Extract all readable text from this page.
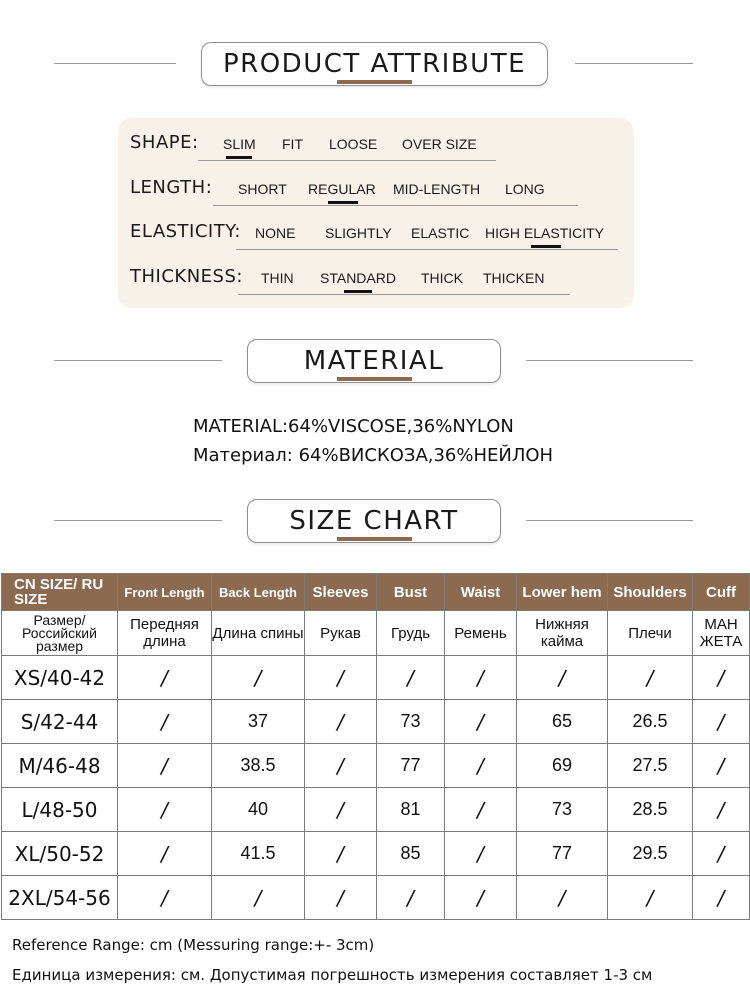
PRODUCT ATTRIBUTE
SHAPE: SLIM FIT LOOSE OVER SIZE
LENGTH: SHORT REGULAR MID-LENGTH LONG
ELASTICITY: NONE SLIGHTLY ELASTIC HIGH ELASTICITY
THICKNESS: THIN STANDARD THICK THICKEN
MATERIAL
MATERIAL:64%VISCOSE,36%NYLON
Материал: 64%ВИСКОЗА,36%НЕЙЛОН
SIZE CHART
CN SIZE/ RU SIZE	Front Length	Back Length	Sleeves	Bust	Waist	Lower hem	Shoulders	Cuff
Размер/ Российский размер	Передняя длина	Длина спины	Рукав	Грудь	Ремень	Нижняя кайма	Плечи	МАН ЖЕТА
XS/40-42	/	/	/	/	/	/	/	/
S/42-44	/	37	/	73	/	65	26.5	/
M/46-48	/	38.5	/	77	/	69	27.5	/
L/48-50	/	40	/	81	/	73	28.5	/
XL/50-52	/	41.5	/	85	/	77	29.5	/
2XL/54-56	/	/	/	/	/	/	/	/
Reference Range: cm (Messuring range:+- 3cm)
Единица измерения: см. Допустимая погрешность измерения составляет 1-3 см
